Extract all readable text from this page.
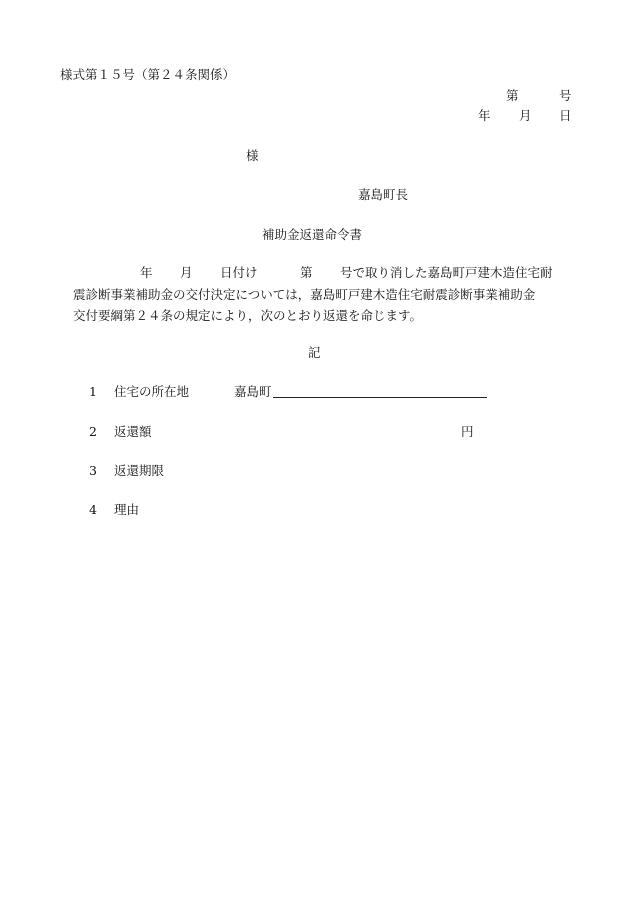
様式第１５号（第２４条関係）
第	号
年 月 日
様
嘉島町長
補助金返還命令書
年 月 日付け	第 号で取り消した嘉島町戸建木造住宅耐
震診断事業補助金の交付決定については，嘉島町戸建木造住宅耐震診断事業補助金
交付要綱第２４条の規定により，次のとおり返還を命じます。
記
1 住宅の所在地	嘉島町
2 返還額	円
3 返還期限
4 理由
